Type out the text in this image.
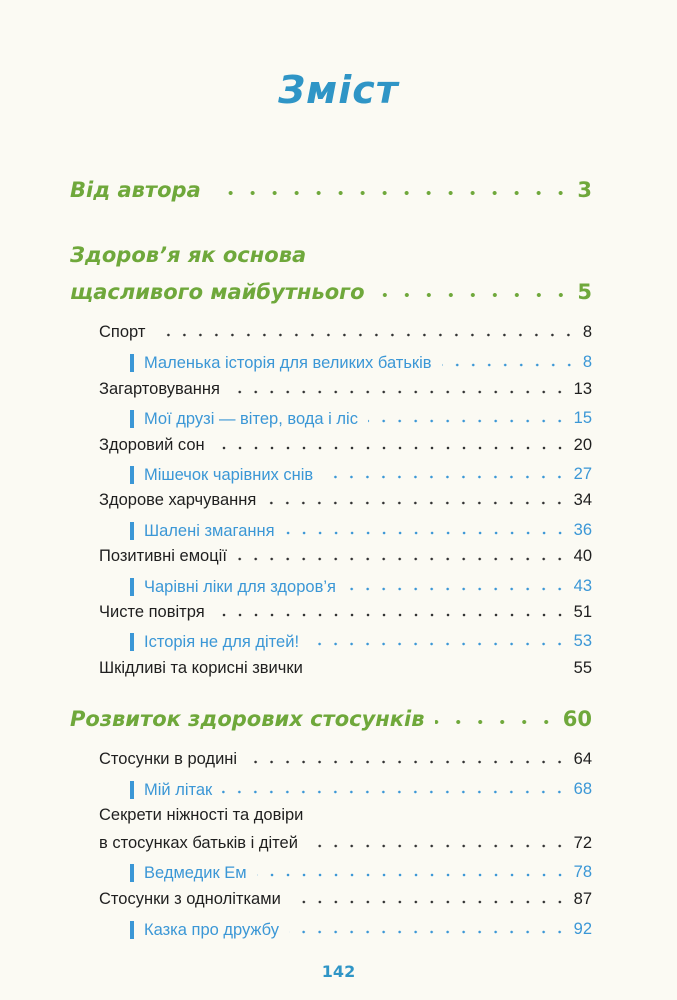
Зміст
Від автора	3
Здоров’я як основа
щасливого майбутнього	5
Спорт	8
Маленька історія для великих батьків	8
Загартовування	13
Мої друзі — вітер, вода і ліс	15
Здоровий сон	20
Мішечок чарівних снів	27
Здорове харчування	34
Шалені змагання	36
Позитивні емоції	40
Чарівні ліки для здоров’я	43
Чисте повітря	51
Історія не для дітей!	53
Шкідливі та корисні звички	55
Розвиток здорових стосунків	60
Стосунки в родині	64
Мій літак	68
Секрети ніжності та довіри
в стосунках батьків і дітей	72
Ведмедик Ем	78
Стосунки з однолітками	87
Казка про дружбу	92
142
